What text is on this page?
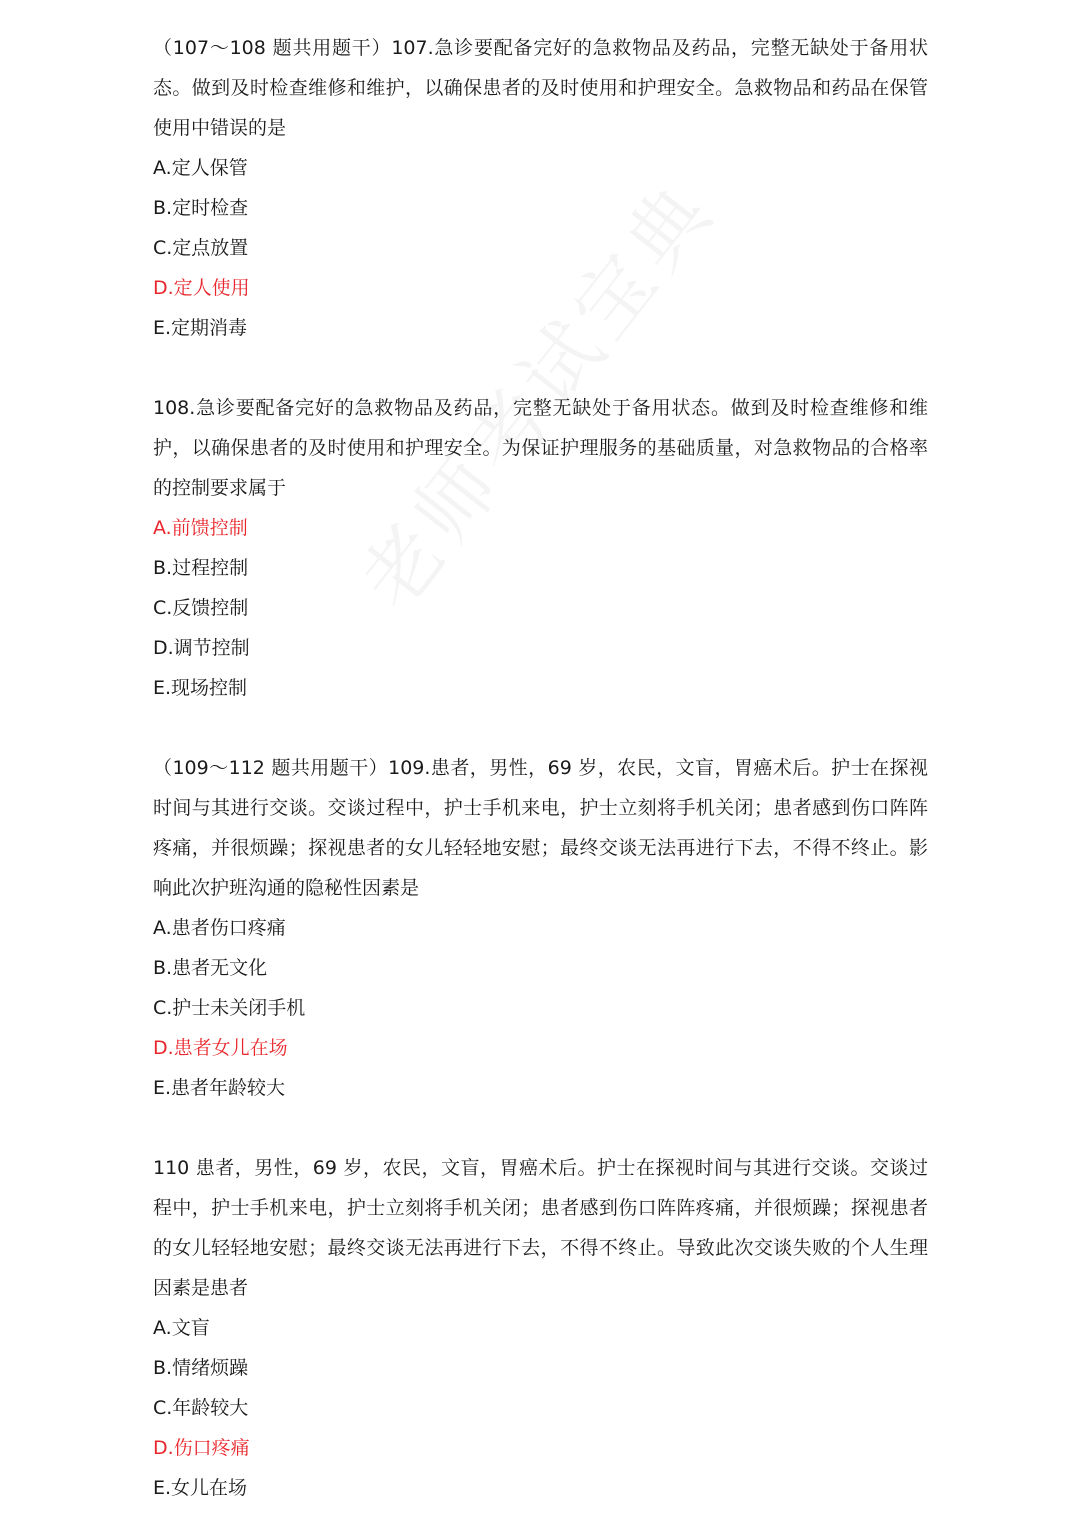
（107～108 题共用题干）107.急诊要配备完好的急救物品及药品，完整无缺处于备用状态。做到及时检查维修和维护，以确保患者的及时使用和护理安全。急救物品和药品在保管使用中错误的是

A.定人保管

B.定时检查

C.定点放置

D.定人使用

E.定期消毒

108.急诊要配备完好的急救物品及药品，完整无缺处于备用状态。做到及时检查维修和维护，以确保患者的及时使用和护理安全。为保证护理服务的基础质量，对急救物品的合格率的控制要求属于

A.前馈控制

B.过程控制

C.反馈控制

D.调节控制

E.现场控制

（109～112 题共用题干）109.患者，男性，69 岁，农民，文盲，胃癌术后。护士在探视时间与其进行交谈。交谈过程中，护士手机来电，护士立刻将手机关闭；患者感到伤口阵阵疼痛，并很烦躁；探视患者的女儿轻轻地安慰；最终交谈无法再进行下去，不得不终止。影响此次护班沟通的隐秘性因素是

A.患者伤口疼痛

B.患者无文化

C.护士未关闭手机

D.患者女儿在场

E.患者年龄较大

110 患者，男性，69 岁，农民，文盲，胃癌术后。护士在探视时间与其进行交谈。交谈过程中，护士手机来电，护士立刻将手机关闭；患者感到伤口阵阵疼痛，并很烦躁；探视患者的女儿轻轻地安慰；最终交谈无法再进行下去，不得不终止。导致此次交谈失败的个人生理因素是患者

A.文盲

B.情绪烦躁

C.年龄较大

D.伤口疼痛

E.女儿在场
